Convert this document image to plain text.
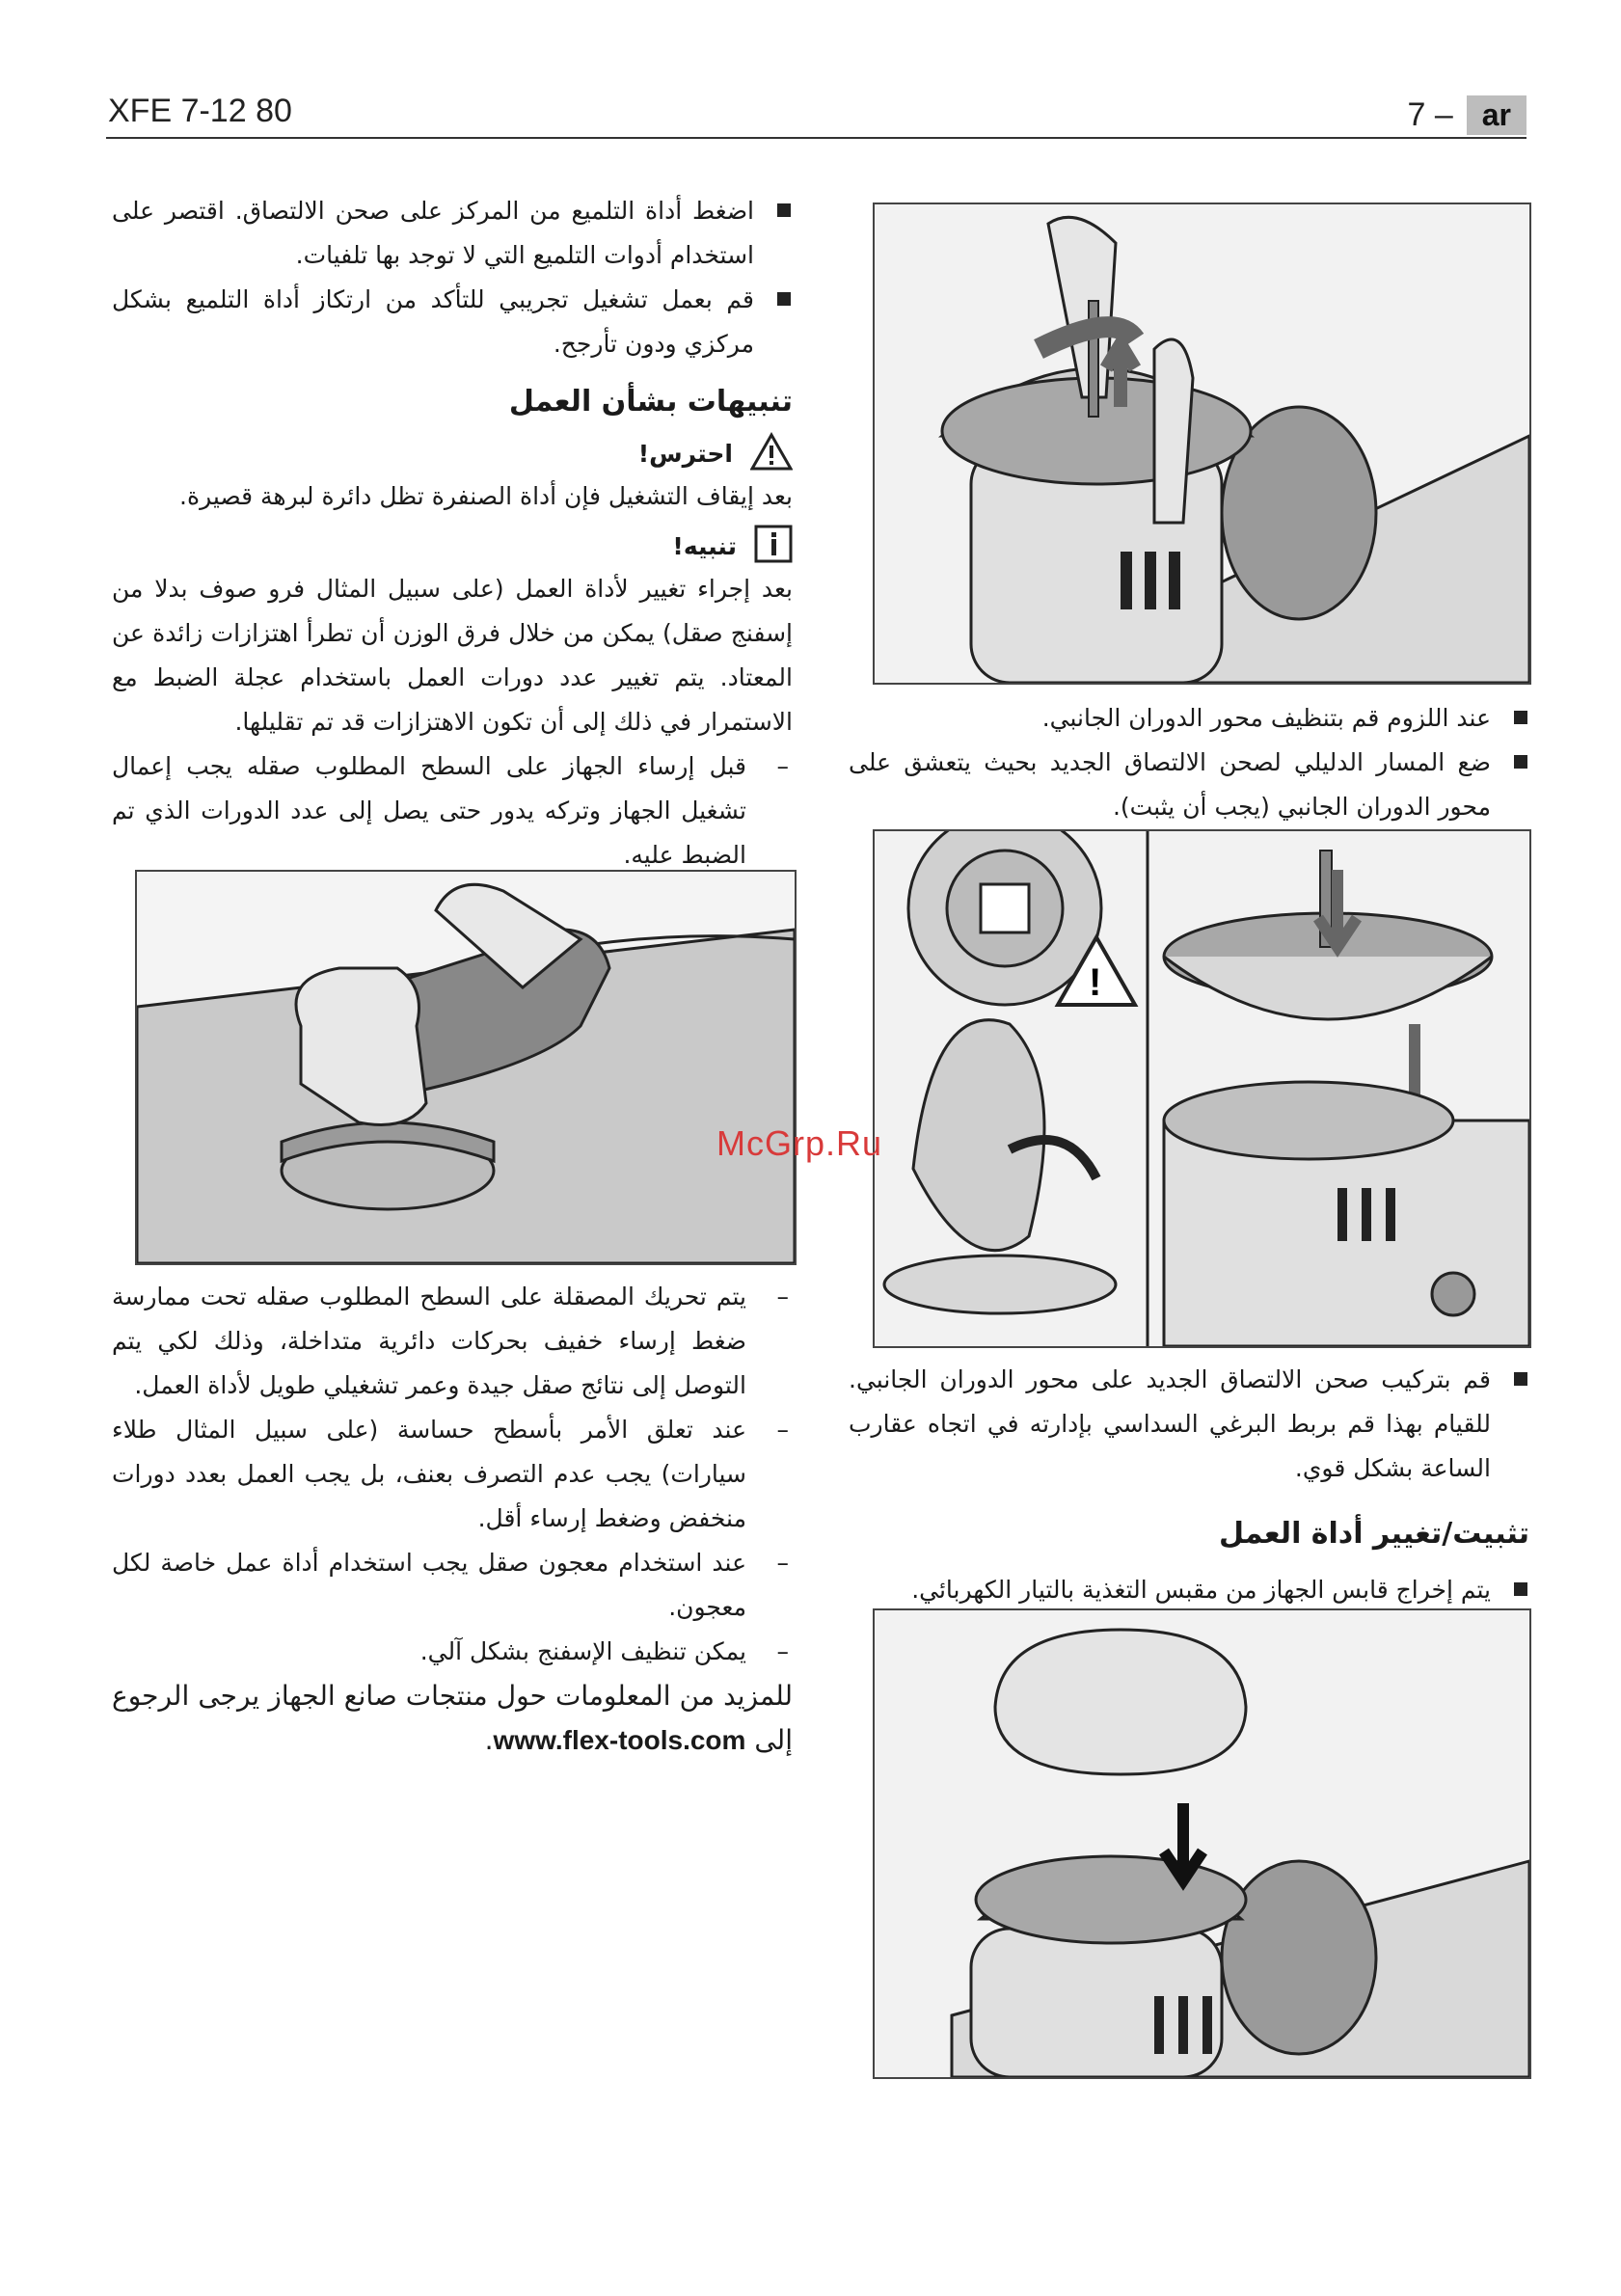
XFE 7-12 80	7 – ar

عند اللزوم قم بتنظيف محور الدوران الجانبي.

ضع المسار الدليلي لصحن الالتصاق الجديد بحيث يتعشق على محور الدوران الجانبي (يجب أن يثبت).

!

قم بتركيب صحن الالتصاق الجديد على محور الدوران الجانبي. للقيام بهذا قم بربط البرغي السداسي بإدارته في اتجاه عقارب الساعة بشكل قوي.

تثبيت/تغيير أداة العمل

يتم إخراج قابس الجهاز من مقبس التغذية بالتيار الكهربائي.

اضغط أداة التلميع من المركز على صحن الالتصاق. اقتصر على استخدام أدوات التلميع التي لا توجد بها تلفيات.

قم بعمل تشغيل تجريبي للتأكد من ارتكاز أداة التلميع بشكل مركزي ودون تأرجح.

تنبيهات بشأن العمل

احترس!

بعد إيقاف التشغيل فإن أداة الصنفرة تظل دائرة لبرهة قصيرة.

تنبيه!

بعد إجراء تغيير لأداة العمل (على سبيل المثال فرو صوف بدلا من إسفنج صقل) يمكن من خلال فرق الوزن أن تطرأ اهتزازات زائدة عن المعتاد. يتم تغيير عدد دورات العمل باستخدام عجلة الضبط مع الاستمرار في ذلك إلى أن تكون الاهتزازات قد تم تقليلها.

– قبل إرساء الجهاز على السطح المطلوب صقله يجب إعمال تشغيل الجهاز وتركه يدور حتى يصل إلى عدد الدورات الذي تم الضبط عليه.

– يتم تحريك المصقلة على السطح المطلوب صقله تحت ممارسة ضغط إرساء خفيف بحركات دائرية متداخلة، وذلك لكي يتم التوصل إلى نتائج صقل جيدة وعمر تشغيلي طويل لأداة العمل.

– عند تعلق الأمر بأسطح حساسة (على سبيل المثال طلاء سيارات) يجب عدم التصرف بعنف، بل يجب العمل بعدد دورات منخفض وضغط إرساء أقل.

– عند استخدام معجون صقل يجب استخدام أداة عمل خاصة لكل معجون.

– يمكن تنظيف الإسفنج بشكل آلي.

للمزيد من المعلومات حول منتجات صانع الجهاز يرجى الرجوع إلى www.flex-tools.com.

McGrp.Ru
